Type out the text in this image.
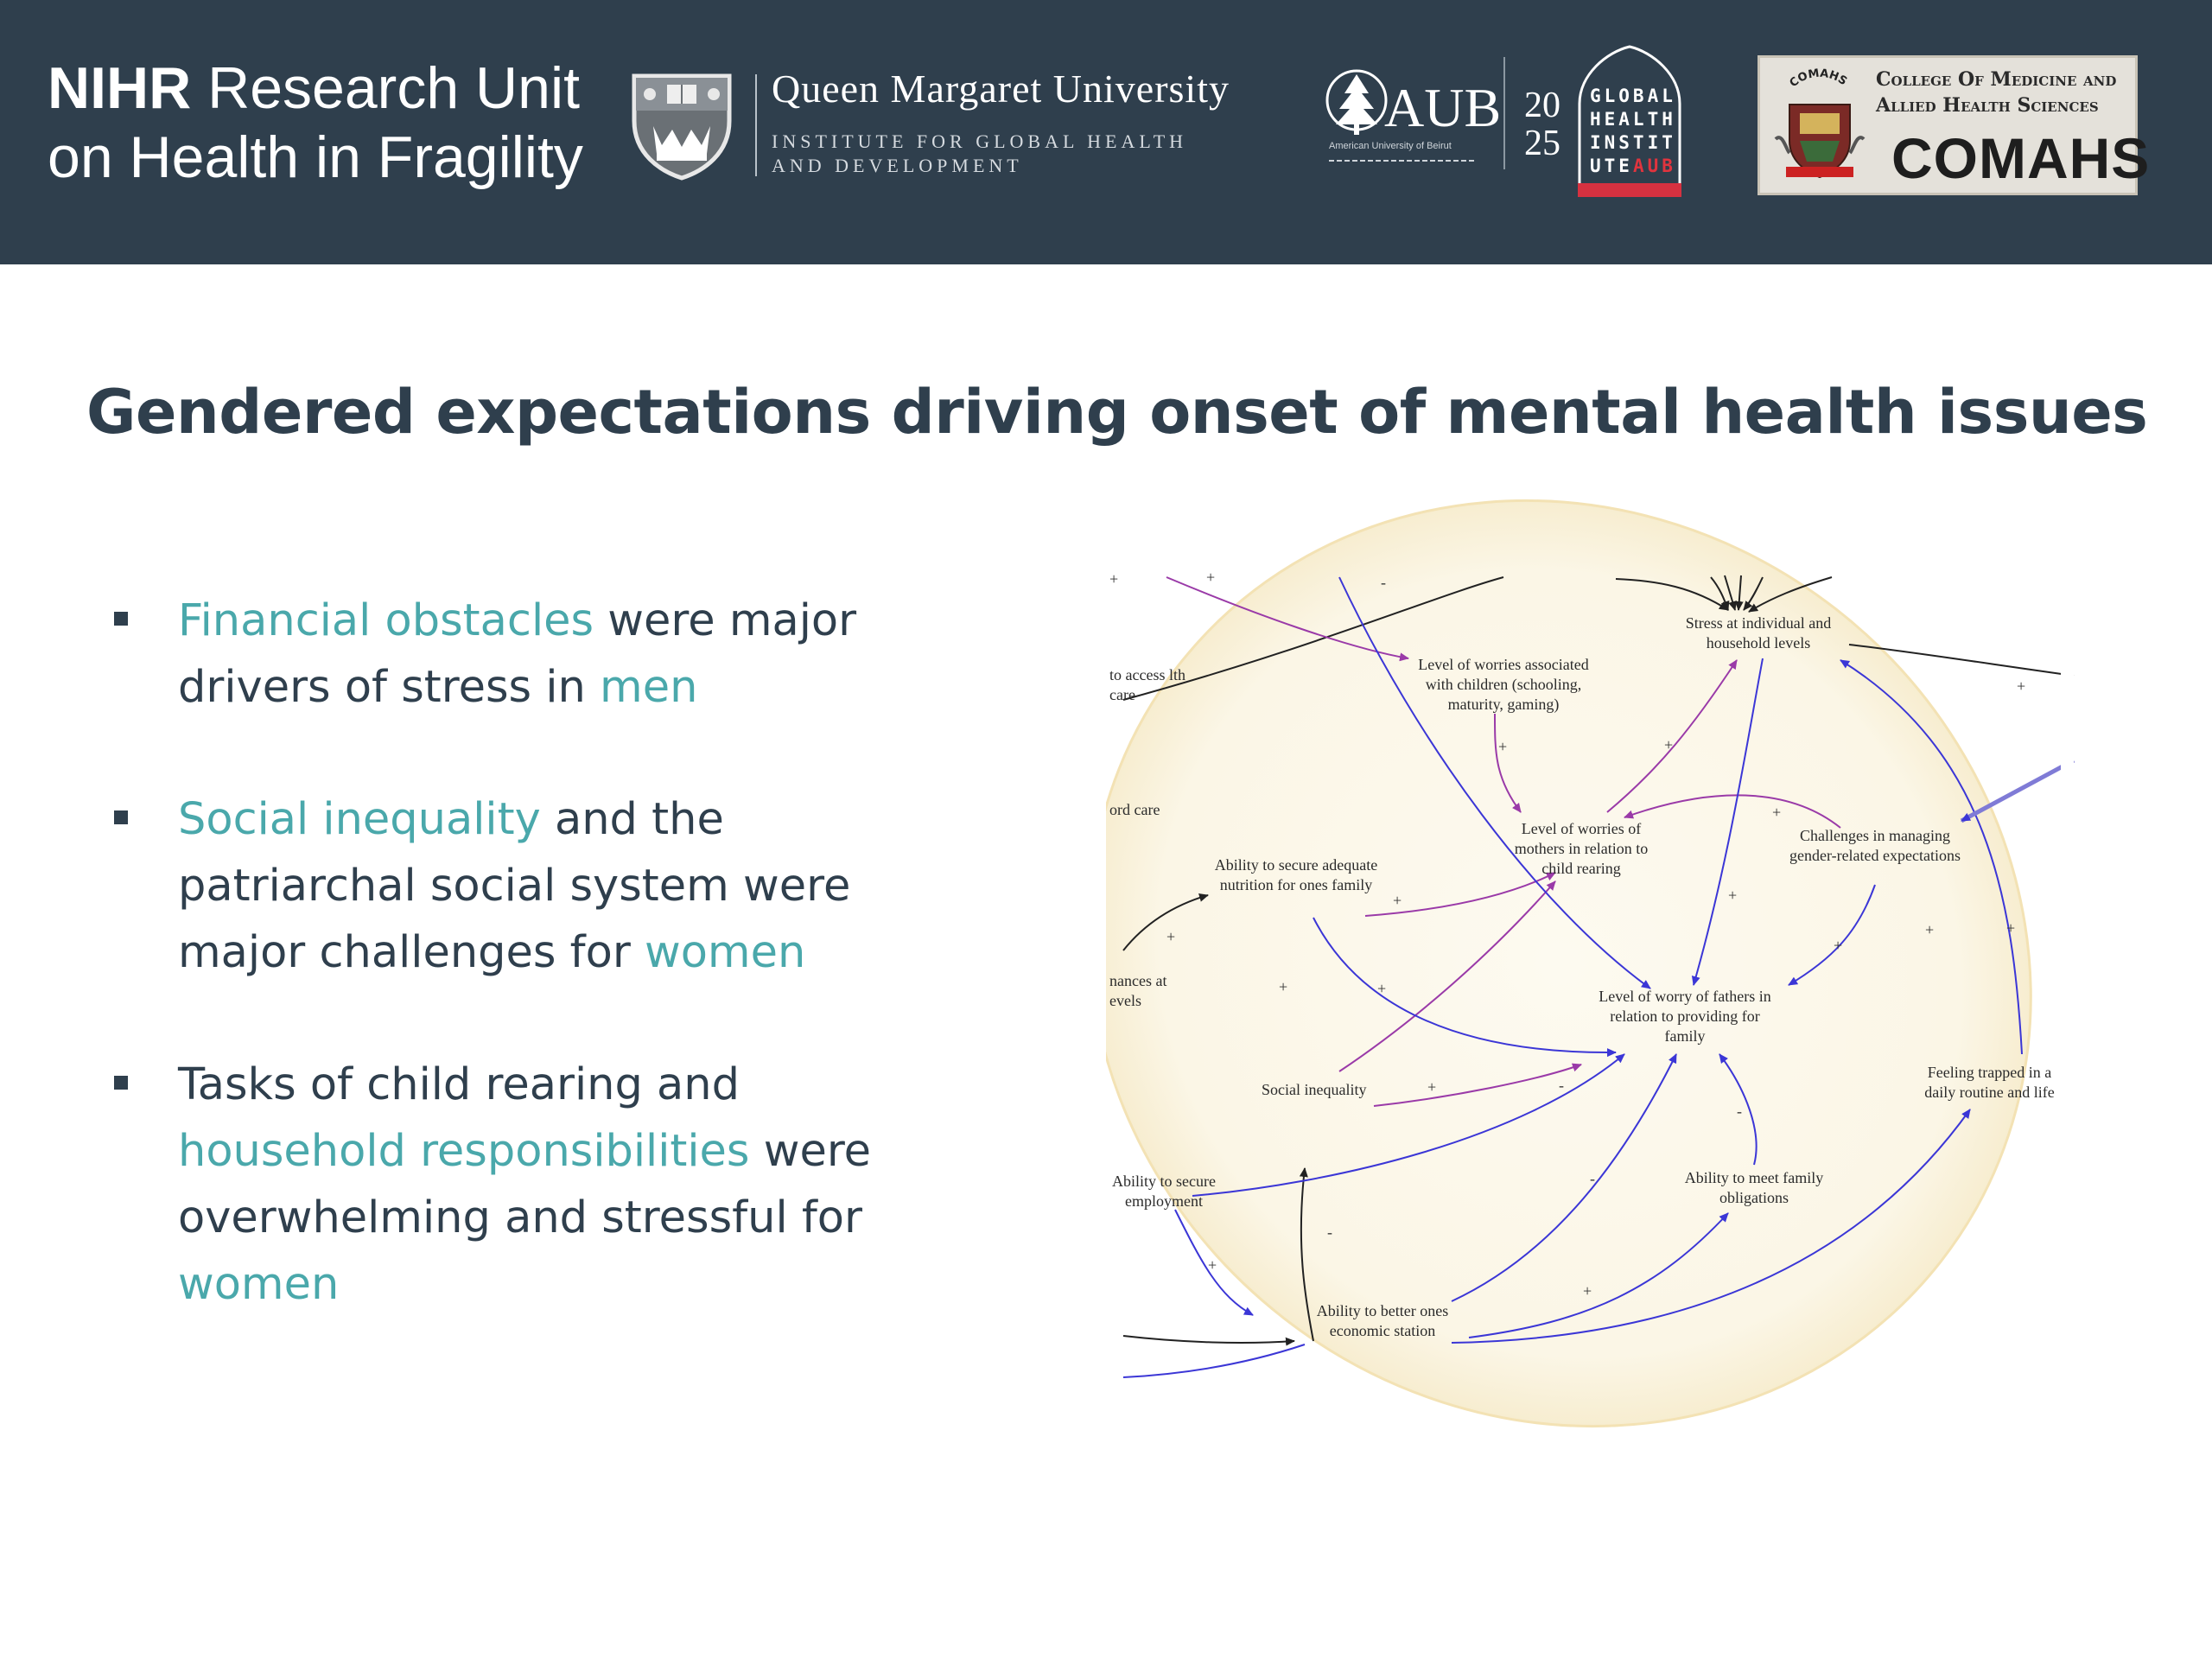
NIHR Research Unit
on Health in Fragility
Queen Margaret University
INSTITUTE FOR GLOBAL HEALTH
AND DEVELOPMENT
AUB
American University of Beirut
20
25
GLOBAL
HEALTH
INSTIT
UTEAUB
COMAHS College Of Medicine and
Allied Health Sciences
COMAHS
Gendered expectations driving onset of mental health issues
Financial obstacles were major drivers of stress in men
Social inequality and the patriarchal social system were major challenges for women
Tasks of child rearing and household responsibilities were overwhelming and stressful for women
+	+	-
+	+
+
+
+
+
+
+
+
+
+
+
+	-
-
-
-
+
+
Stress at individual and household levels
Level of worries associated with children (schooling, maturity, gaming)
to access lth care
ord care
Ability to secure adequate nutrition for ones family
Level of worries of mothers in relation to child rearing
Challenges in managing gender-related expectations
nances at evels	Level of worry of fathers in relation to providing for family
Social inequality
Feeling trapped in a daily routine and life
Ability to secure employment
Ability to meet family obligations
Ability to better ones economic station
